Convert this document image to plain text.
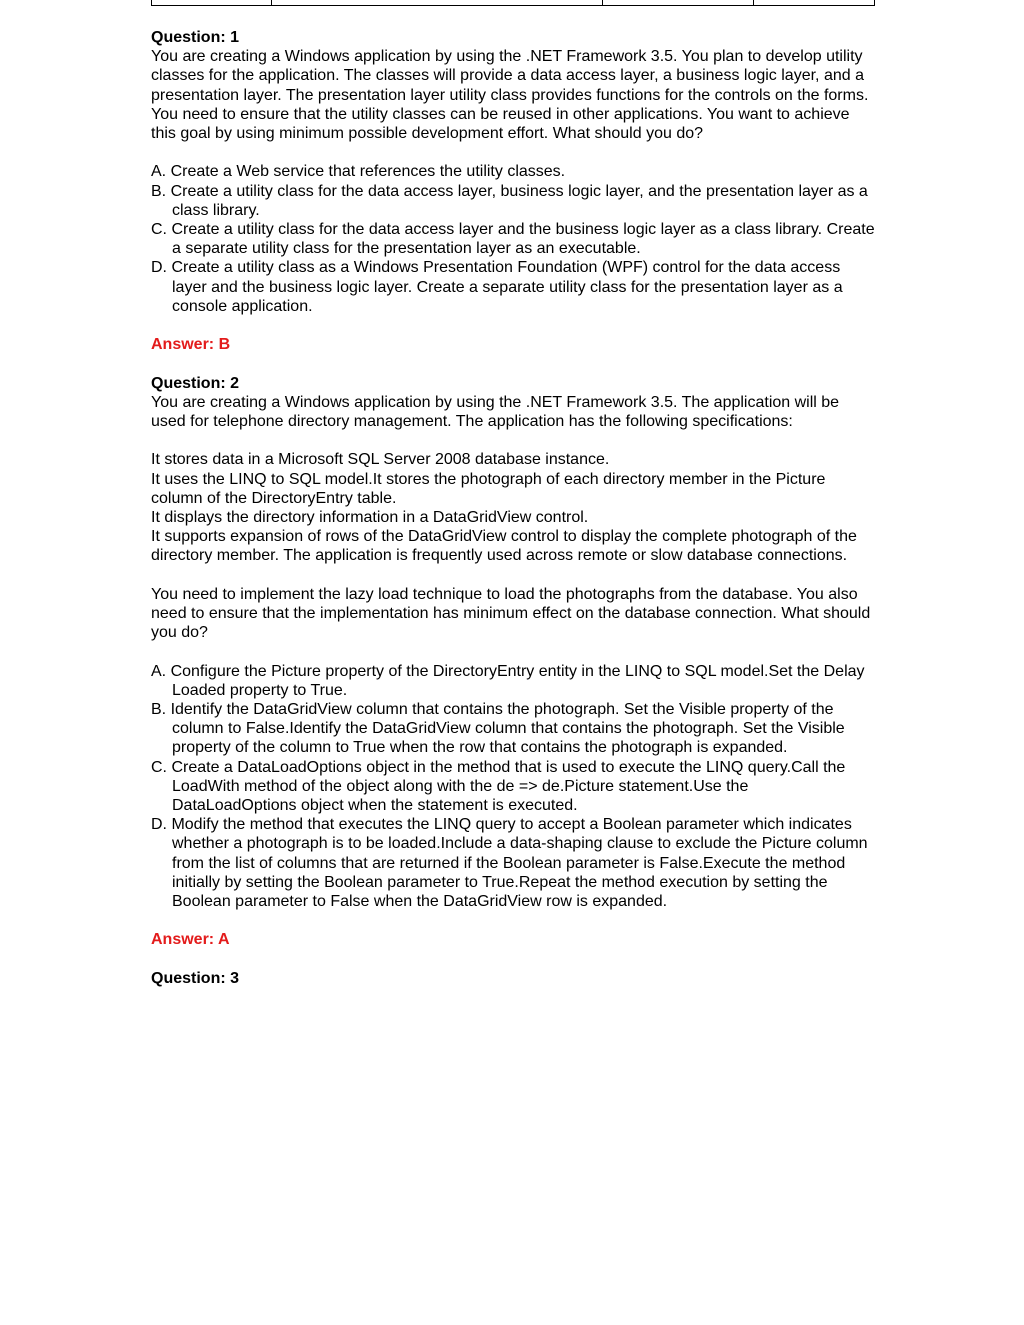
Question: 1

You are creating a Windows application by using the .NET Framework 3.5. You plan to develop utility classes for the application. The classes will provide a data access layer, a business logic layer, and a presentation layer. The presentation layer utility class provides functions for the controls on the forms. You need to ensure that the utility classes can be reused in other applications. You want to achieve this goal by using minimum possible development effort. What should you do?

A. Create a Web service that references the utility classes.

B. Create a utility class for the data access layer, business logic layer, and the presentation layer as a class library.

C. Create a utility class for the data access layer and the business logic layer as a class library. Create a separate utility class for the presentation layer as an executable.

D. Create a utility class as a Windows Presentation Foundation (WPF) control for the data access layer and the business logic layer. Create a separate utility class for the presentation layer as a console application.

Answer: B

Question: 2

You are creating a Windows application by using the .NET Framework 3.5. The application will be used for telephone directory management. The application has the following specifications:

It stores data in a Microsoft SQL Server 2008 database instance.

It uses the LINQ to SQL model.It stores the photograph of each directory member in the Picture column of the DirectoryEntry table.

It displays the directory information in a DataGridView control.

It supports expansion of rows of the DataGridView control to display the complete photograph of the directory member. The application is frequently used across remote or slow database connections.

You need to implement the lazy load technique to load the photographs from the database. You also need to ensure that the implementation has minimum effect on the database connection. What should you do?

A. Configure the Picture property of the DirectoryEntry entity in the LINQ to SQL model.Set the Delay Loaded property to True.

B. Identify the DataGridView column that contains the photograph. Set the Visible property of the column to False.Identify the DataGridView column that contains the photograph. Set the Visible property of the column to True when the row that contains the photograph is expanded.

C. Create a DataLoadOptions object in the method that is used to execute the LINQ query.Call the LoadWith method of the object along with the de => de.Picture statement.Use the DataLoadOptions object when the statement is executed.

D. Modify the method that executes the LINQ query to accept a Boolean parameter which indicates whether a photograph is to be loaded.Include a data-shaping clause to exclude the Picture column from the list of columns that are returned if the Boolean parameter is False.Execute the method initially by setting the Boolean parameter to True.Repeat the method execution by setting the Boolean parameter to False when the DataGridView row is expanded.

Answer: A

Question: 3
